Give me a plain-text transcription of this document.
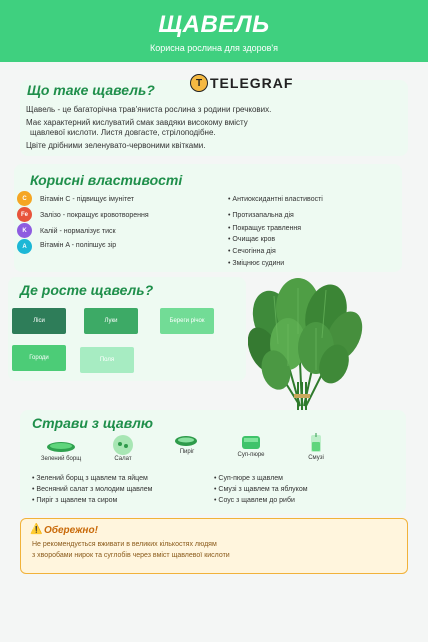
ЩАВЕЛЬ
Корисна рослина для здоров'я
Що таке щавель?	T TELEGRAF
Щавель - це багаторічна трав'яниста рослина з родини гречкових.
Має характерний кислуватий смак завдяки високому вмісту
щавлевої кислоти. Листя довгасте, стрілоподібне.
Цвіте дрібними зеленувато-червоними квітками.
Корисні властивості
C Вітамін C - підвищує імунітет
Fe Залізо - покращує кровотворення
K Калій - нормалізує тиск
A Вітамін A - поліпшує зір
• Антиоксидантні властивості
• Протизапальна дія
• Покращує травлення
• Очищає кров
• Сечогінна дія
• Зміцнює судини
Де росте щавель?
Ліси	Луки	Береги річок
Городи	Поля
Страви з щавлю
Зелений борщ	Салат
Пиріг	Суп-пюре	Смузі
• Зелений борщ з щавлем та яйцем
• Весняний салат з молодим щавлем
• Пиріг з щавлем та сиром
• Суп-пюре з щавлем
• Смузі з щавлем та яблуком
• Соус з щавлем до риби
⚠️ Обережно!
Не рекомендується вживати в великих кількостях людям
з хворобами нирок та суглобів через вміст щавлевої кислоти
